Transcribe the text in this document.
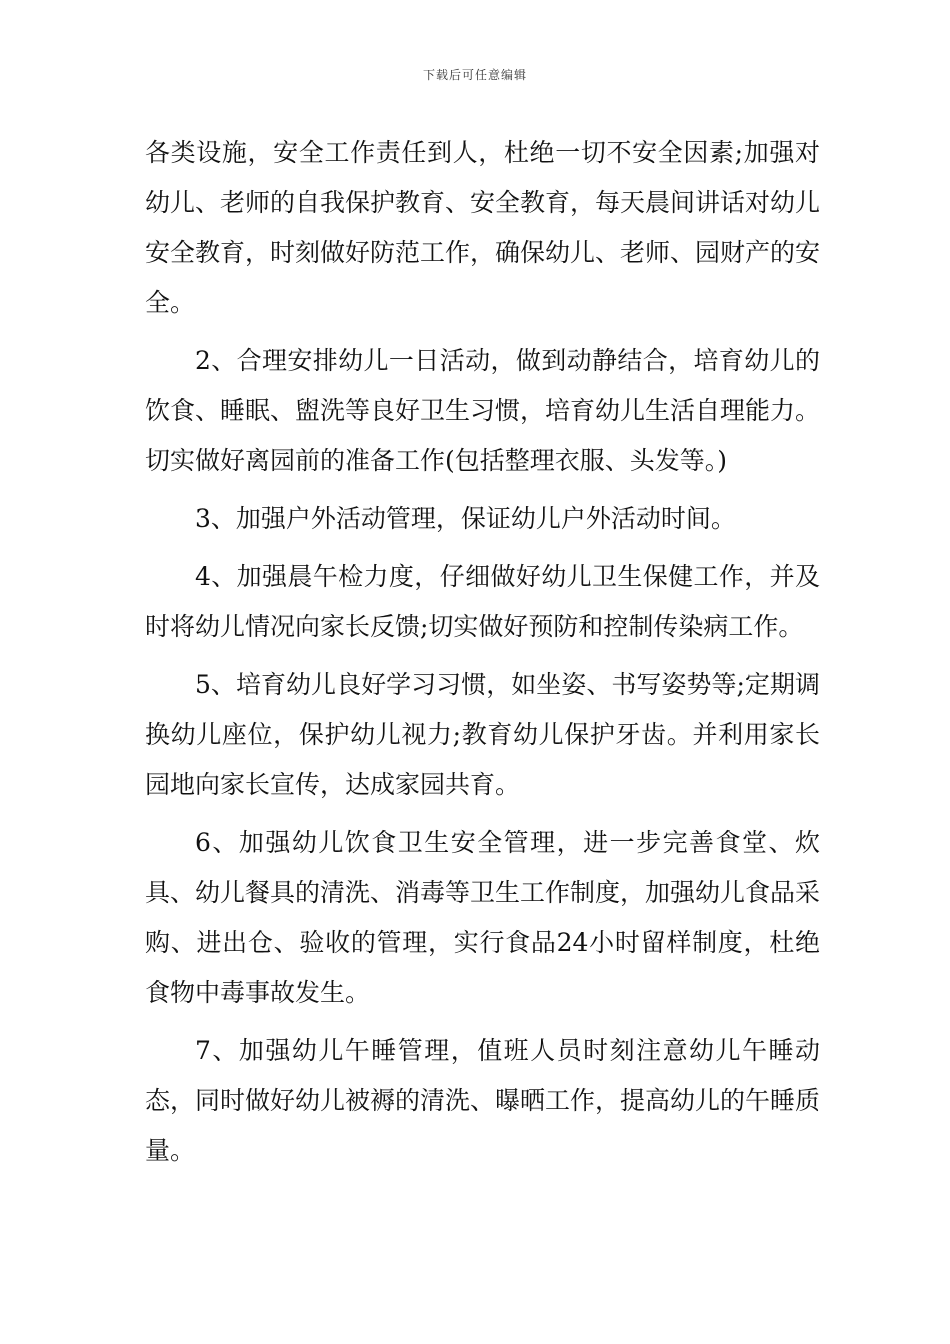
下载后可任意编辑

各类设施，安全工作责任到人，杜绝一切不安全因素;加强对幼儿、老师的自我保护教育、安全教育，每天晨间讲话对幼儿安全教育，时刻做好防范工作，确保幼儿、老师、园财产的安全。

2、合理安排幼儿一日活动，做到动静结合，培育幼儿的饮食、睡眠、盥洗等良好卫生习惯，培育幼儿生活自理能力。切实做好离园前的准备工作(包括整理衣服、头发等。)

3、加强户外活动管理，保证幼儿户外活动时间。

4、加强晨午检力度，仔细做好幼儿卫生保健工作，并及时将幼儿情况向家长反馈;切实做好预防和控制传染病工作。

5、培育幼儿良好学习习惯，如坐姿、书写姿势等;定期调换幼儿座位，保护幼儿视力;教育幼儿保护牙齿。并利用家长园地向家长宣传，达成家园共育。

6、加强幼儿饮食卫生安全管理，进一步完善食堂、炊具、幼儿餐具的清洗、消毒等卫生工作制度，加强幼儿食品采购、进出仓、验收的管理，实行食品24小时留样制度，杜绝食物中毒事故发生。

7、加强幼儿午睡管理，值班人员时刻注意幼儿午睡动态，同时做好幼儿被褥的清洗、曝晒工作，提高幼儿的午睡质量。
